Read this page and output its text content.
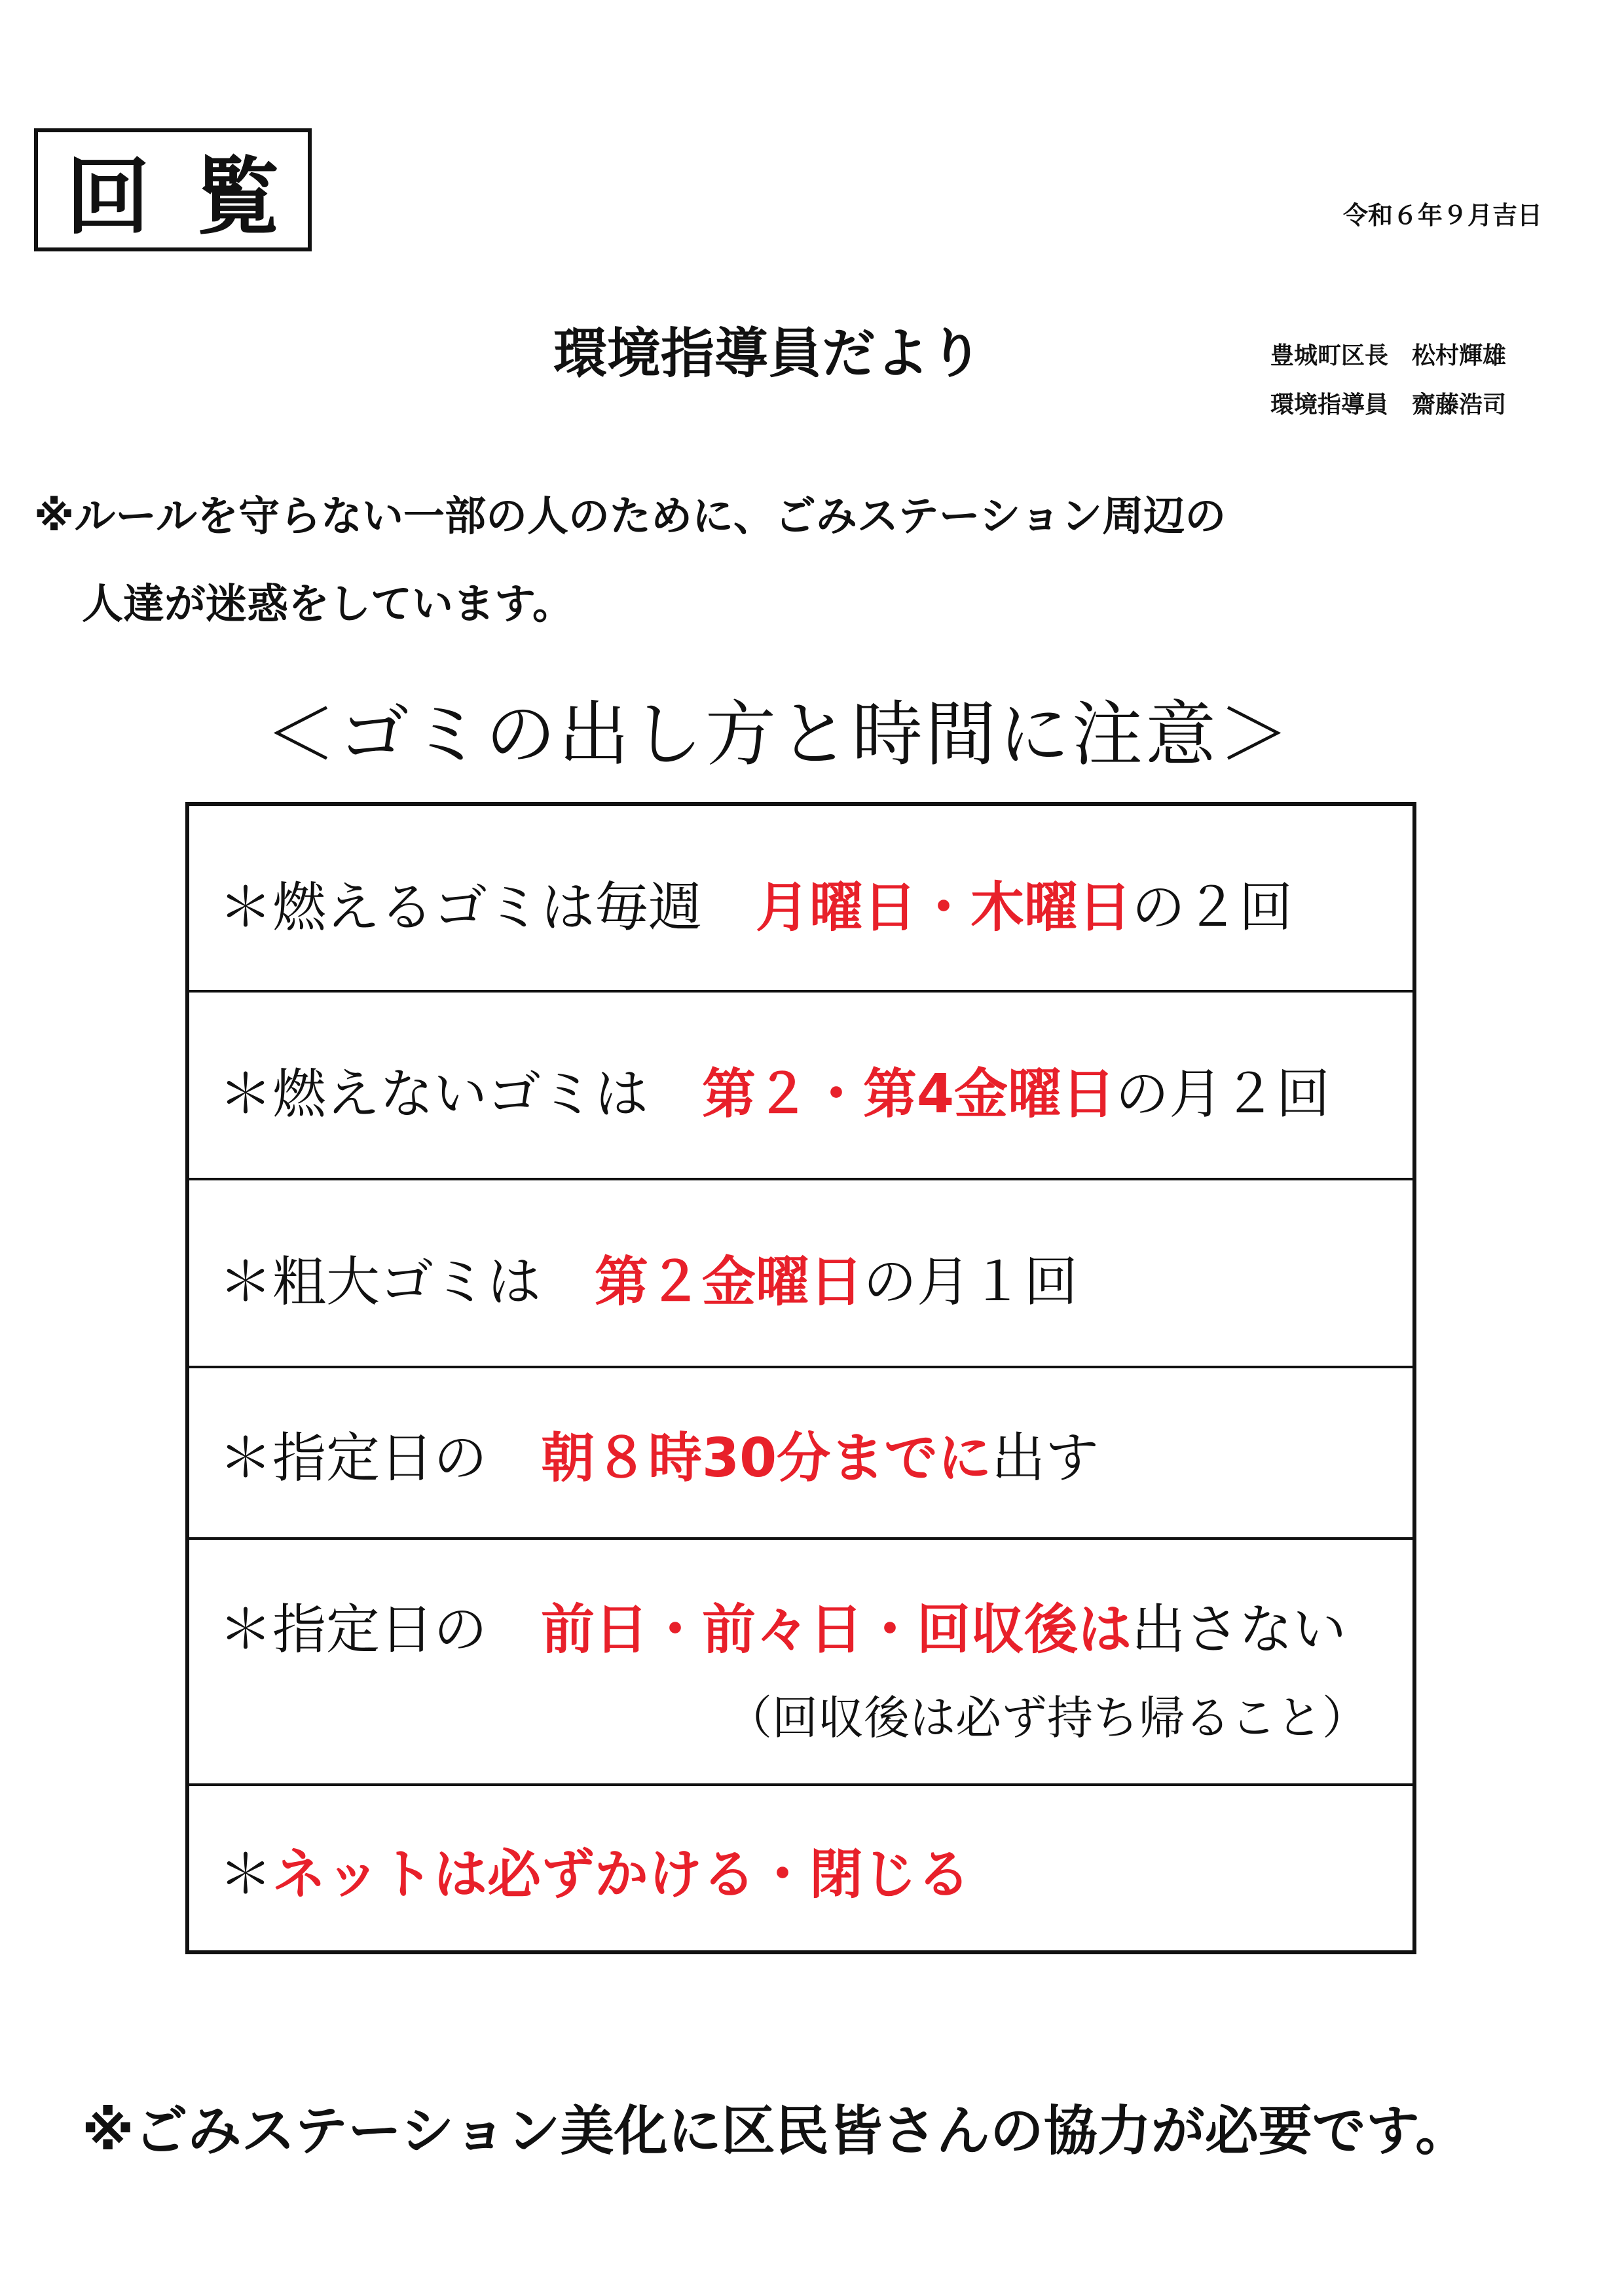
回覧	令和６年９月吉日
環境指導員だより	豊城町区長　松村輝雄
環境指導員　齋藤浩司
※ルールを守らない一部の人のために、ごみステーション周辺の
人達が迷惑をしています。
＜ゴミの出し方と時間に注意＞
＊燃えるゴミは毎週　月曜日・木曜日の２回
＊燃えないゴミは　第２・第4金曜日の月２回
＊粗大ゴミは　第２金曜日の月１回
＊指定日の　朝８時30分までに出す
＊指定日の　前日・前々日・回収後は出さない
（回収後は必ず持ち帰ること）
＊ネットは必ずかける・閉じる
※ごみステーション美化に区民皆さんの協力が必要です。
